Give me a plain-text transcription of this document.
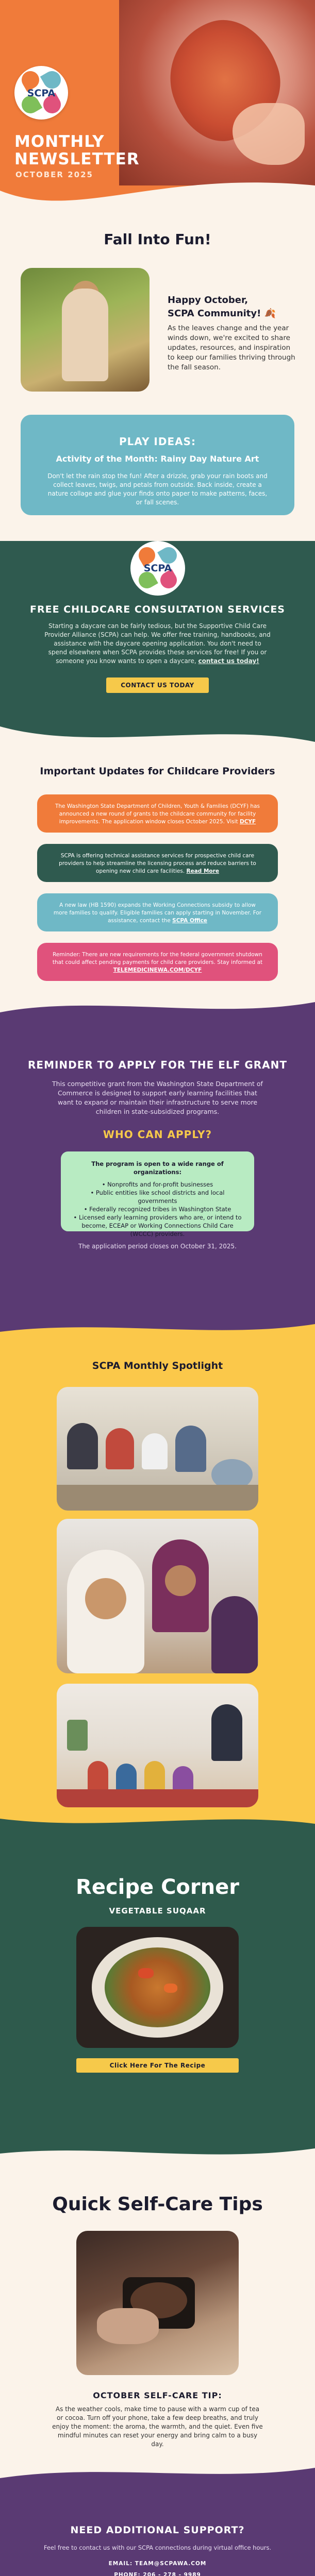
SCPA
MONTHLY
NEWSLETTER
OCTOBER 2025
Fall Into Fun!
Happy October,
SCPA Community! 🍂
As the leaves change and the year winds down, we're excited to share updates, resources, and inspiration to keep our families thriving through the fall season.
PLAY IDEAS:
Activity of the Month: Rainy Day Nature Art
Don't let the rain stop the fun! After a drizzle, grab your rain boots and collect leaves, twigs, and petals from outside. Back inside, create a nature collage and glue your finds onto paper to make patterns, faces, or fall scenes.
SCPA
FREE CHILDCARE CONSULTATION SERVICES
Starting a daycare can be fairly tedious, but the Supportive Child Care Provider Alliance (SCPA) can help. We offer free training, handbooks, and assistance with the daycare opening application. You don't need to spend elsewhere when SCPA provides these services for free! If you or someone you know wants to open a daycare, contact us today!
CONTACT US TODAY
Important Updates for Childcare Providers
The Washington State Department of Children, Youth & Families (DCYF) has announced a new round of grants to the childcare community for facility improvements. The application window closes October 2025. Visit DCYF
SCPA is offering technical assistance services for prospective child care providers to help streamline the licensing process and reduce barriers to opening new child care facilities. Read More
A new law (HB 1590) expands the Working Connections subsidy to allow more families to qualify. Eligible families can apply starting in November. For assistance, contact the SCPA Office
Reminder: There are new requirements for the federal government shutdown that could affect pending payments for child care providers. Stay informed at TELEMEDICINEWA.COM/DCYF
REMINDER TO APPLY FOR THE ELF GRANT
This competitive grant from the Washington State Department of Commerce is designed to support early learning facilities that want to expand or maintain their infrastructure to serve more children in state-subsidized programs.
WHO CAN APPLY?
The program is open to a wide range of organizations:
• Nonprofits and for-profit businesses
• Public entities like school districts and local governments
• Federally recognized tribes in Washington State
• Licensed early learning providers who are, or intend to become, ECEAP or Working Connections Child Care (WCCC) providers.
The application period closes on October 31, 2025.
SCPA Monthly Spotlight
Recipe Corner
VEGETABLE SUQAAR
Click Here For The Recipe
Quick Self-Care Tips
OCTOBER SELF-CARE TIP:
As the weather cools, make time to pause with a warm cup of tea or cocoa. Turn off your phone, take a few deep breaths, and truly enjoy the moment: the aroma, the warmth, and the quiet. Even five mindful minutes can reset your energy and bring calm to a busy day.
NEED ADDITIONAL SUPPORT?
Feel free to contact us with our SCPA connections during virtual office hours.
EMAIL: TEAM@SCPAWA.COM
PHONE: 206 - 278 - 9989
